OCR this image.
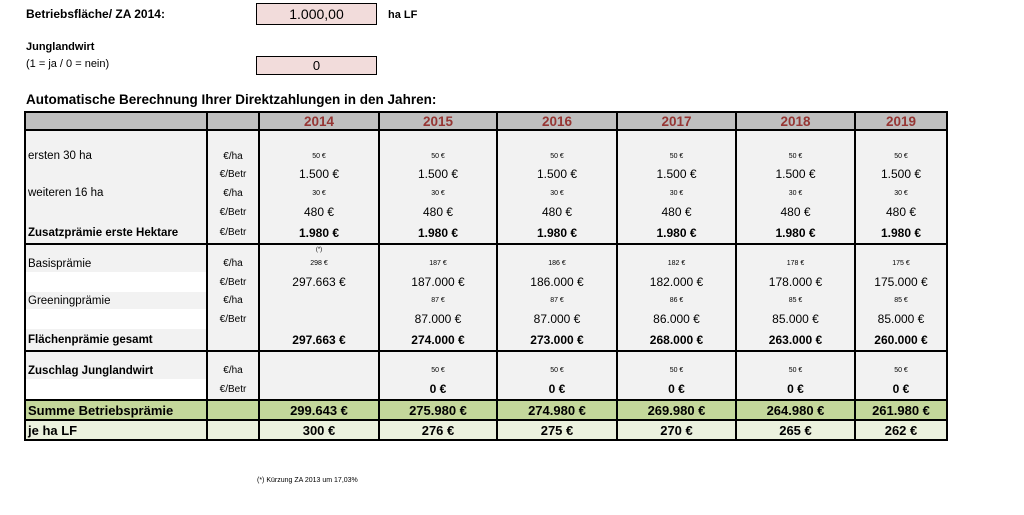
Betriebsfläche/ ZA 2014:	1.000,00	ha LF
Junglandwirt
(1 = ja / 0 = nein)	0
Automatische Berechnung Ihrer Direktzahlungen in den Jahren:
		2014	2015	2016	2017	2018	2019

ersten 30 ha	€/ha	50 €	50 €	50 €	50 €	50 €	50 €
	€/Betr	1.500 €	1.500 €	1.500 €	1.500 €	1.500 €	1.500 €
weiteren 16 ha	€/ha	30 €	30 €	30 €	30 €	30 €	30 €
	€/Betr	480 €	480 €	480 €	480 €	480 €	480 €
Zusatzprämie erste Hektare	€/Betr	1.980 €	1.980 €	1.980 €	1.980 €	1.980 €	1.980 €
		(*)					
Basisprämie	€/ha	298 €	187 €	186 €	182 €	178 €	175 €
	€/Betr	297.663 €	187.000 €	186.000 €	182.000 €	178.000 €	175.000 €
Greeningprämie	€/ha		87 €	87 €	86 €	85 €	85 €
	€/Betr		87.000 €	87.000 €	86.000 €	85.000 €	85.000 €
Flächenprämie gesamt		297.663 €	274.000 €	273.000 €	268.000 €	263.000 €	260.000 €

Zuschlag Junglandwirt	€/ha		50 €	50 €	50 €	50 €	50 €
	€/Betr		0 €	0 €	0 €	0 €	0 €
Summe Betriebsprämie		299.643 €	275.980 €	274.980 €	269.980 €	264.980 €	261.980 €
je ha LF		300 €	276 €	275 €	270 €	265 €	262 €
(*) Kürzung ZA 2013 um 17,03%
